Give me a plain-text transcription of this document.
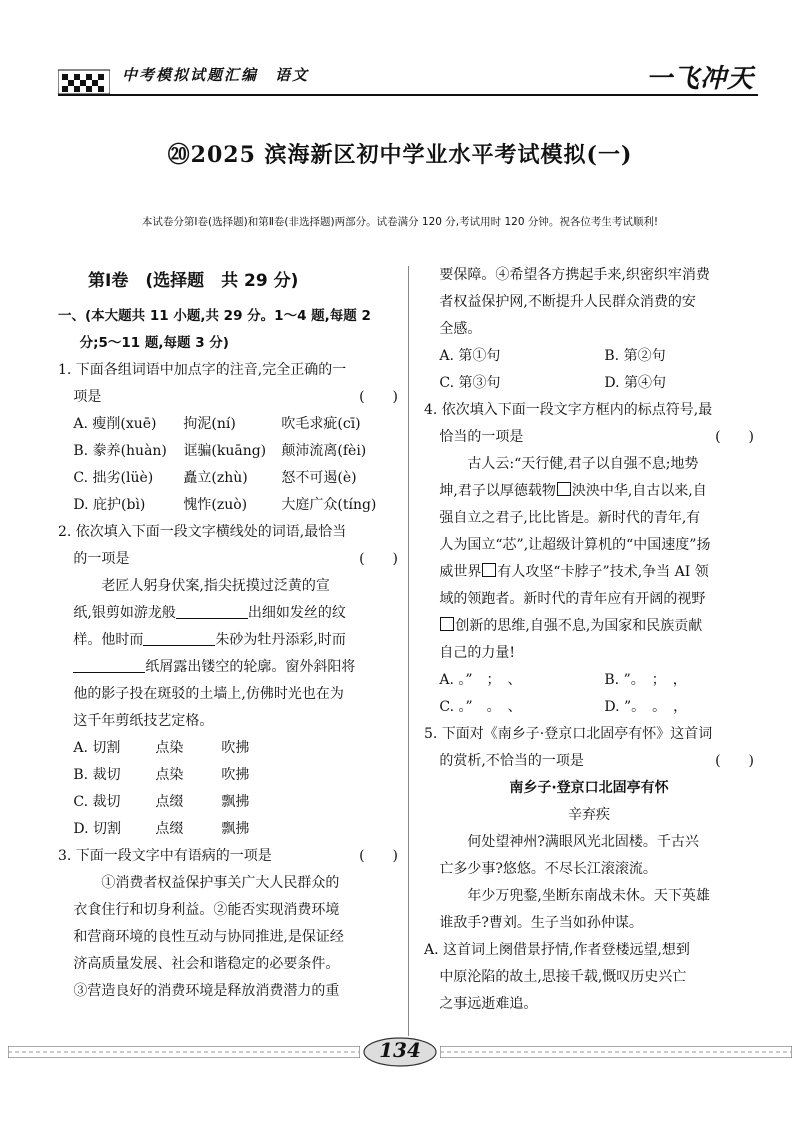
中考模拟试题汇编　语文	一飞冲天
⑳2025 滨海新区初中学业水平考试模拟(一)
本试卷分第Ⅰ卷(选择题)和第Ⅱ卷(非选择题)两部分。试卷满分 120 分,考试用时 120 分钟。祝各位考生考试顺利!

第Ⅰ卷　(选择题　共 29 分)

一、(本大题共 11 小题,共 29 分。1～4 题,每题 2

分;5～11 题,每题 3 分)

1. 下面各组词语中加点字的注音,完全正确的一

项是	(　　)

A. 瘦削(xuē)	拘泥(ní)	吹毛求疵(cī)
B. 豢养(huàn)	诓骗(kuāng)	颠沛流离(fèi)
C. 拙劣(lüè)	矗立(zhù)	怒不可遏(è)
D. 庇护(bì)	愧怍(zuò)	大庭广众(tíng)

2. 依次填入下面一段文字横线处的词语,最恰当

的一项是	(　　)

老匠人躬身伏案,指尖抚摸过泛黄的宣

纸,银剪如游龙般	出细如发丝的纹

样。他时而	朱砂为牡丹添彩,时而

纸屑露出镂空的轮廓。窗外斜阳将

他的影子投在斑驳的土墙上,仿佛时光也在为

这千年剪纸技艺定格。

A. 切割	点染	吹拂
B. 裁切	点染	吹拂
C. 裁切	点缀	飘拂
D. 切割	点缀	飘拂

3. 下面一段文字中有语病的一项是	(　　)

①消费者权益保护事关广大人民群众的

衣食住行和切身利益。②能否实现消费环境

和营商环境的良性互动与协同推进,是保证经

济高质量发展、社会和谐稳定的必要条件。

③营造良好的消费环境是释放消费潜力的重

要保障。④希望各方携起手来,织密织牢消费

者权益保护网,不断提升人民群众消费的安

全感。

A. 第①句	B. 第②句
C. 第③句	D. 第④句

4. 依次填入下面一段文字方框内的标点符号,最

恰当的一项是	(　　)

古人云:“天行健,君子以自强不息;地势

坤,君子以厚德载物 泱泱中华,自古以来,自

强自立之君子,比比皆是。新时代的青年,有

人为国立“芯”,让超级计算机的“中国速度”扬

威世界 有人攻坚“卡脖子”技术,争当 AI 领

域的领跑者。新时代的青年应有开阔的视野

创新的思维,自强不息,为国家和民族贡献

自己的力量!

A. 。”　；　、	B. ”。　；　，
C. 。”　。　、	D. ”。　。　，

5. 下面对《南乡子·登京口北固亭有怀》这首词

的赏析,不恰当的一项是	(　　)

南乡子·登京口北固亭有怀

辛弃疾

何处望神州?满眼风光北固楼。千古兴

亡多少事?悠悠。不尽长江滚滚流。

年少万兜鍪,坐断东南战未休。天下英雄

谁敌手?曹刘。生子当如孙仲谋。

A. 这首词上阕借景抒情,作者登楼远望,想到

中原沦陷的故土,思接千载,慨叹历史兴亡

之事远逝难追。

134
